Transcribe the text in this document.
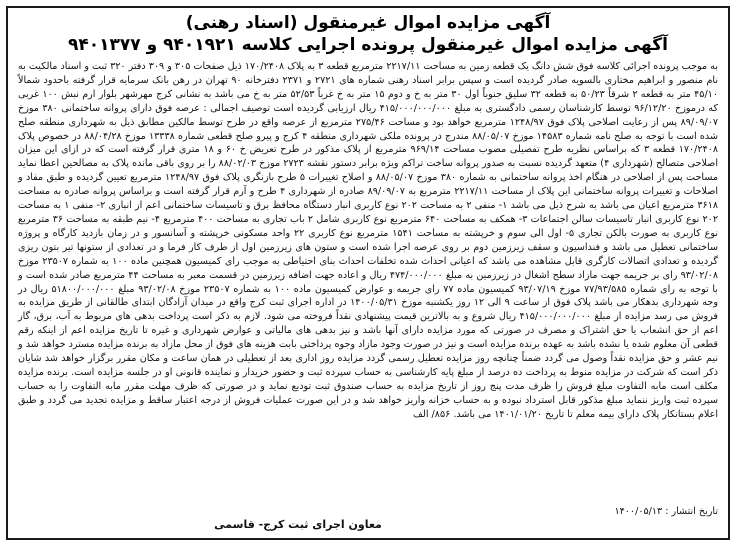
آگهی مزایده اموال غیرمنقول (اسناد رهنی)
آگهی مزایده اموال غیرمنقول پرونده اجرایی کلاسه ۹۴۰۱۹۲۱ و ۹۴۰۱۳۷۷

به موجب پرونده اجرائی کلاسه فوق شش دانگ یک قطعه زمین به مساحت ۲۲۱۷/۱۱ مترمربع قطعه ۳ به پلاک ۱۷۰/۲۴۰۸ ذیل صفحات ۳۰۵ و ۳۰۹ دفتر ۳۲۰ ثبت و اسناد مالکیت به نام منصور و ابراهیم مختاری بالسویه صادر گردیده است و سپس برابر اسناد رهنی شماره های ۲۷۲۱ و ۲۳۷۱ دفترخانه ۹۰ تهران در رهن بانک سرمایه قرار گرفته باحدود شمالاً ۴۵/۱۰ متر به قطعه ۲ شرقاً ۵۰/۲۳ به قطعه ۳۲ سلیق جنوباً اول ۳۰ متر به خ و دوم ۱۵ متر به خ غرباً ۵۲/۵۳ متر به خ می باشد به نشانی کرج مهرشهر بلوار ارم نبش ۱۰۰ غربی که درموزخ ۹۶/۱۲/۲۰ توسط کارشناسان رسمی دادگستری به مبلغ ۴۱۵/۰۰۰/۰۰۰/۰۰۰ ریال ارزیابی گردیده است توصیف اجمالی : عرصه فوق دارای پروانه ساختمانی ۳۸۰ موزخ ۸۹/۰۹/۰۷ پس از رعایت اصلاحی پلاک فوق ۱۲۴۸/۹۷ مترمربع خواهد بود و مساحت ۲۷۵/۴۶ مترمربع از عرصه واقع در طرح توسط مالکین مطابق ذیل به شهرداری منطقه صلح شده است با توجه به صلح نامه شماره ۱۴۵۸۳ موزخ ۸۸/۰۵/۰۷ مندرج در پرونده ملکی شهرداری منطقه ۴ کرج و پیرو صلح قطعی شماره ۱۳۳۳۸ موزخ ۸۸/۰۴/۲۸ در خصوص پلاک ۱۷۰/۲۴۰۸ قطعه ۳ که براساس نظریه طرح تفصیلی مصوب مساحت ۹۶۹/۱۴ مترمربع از پلاک مذکور در طرح تعریض خ ۶۰ و ۱۸ متری قرار گرفته است که در ازای این میزان اصلاحی متصالح (شهرداری ۴) متعهد گردیده نسبت به صدور پروانه ساخت تراکم ویژه برابر دستور نقشه ۲۷۲۳ موزخ ۸۸/۰۲/۰۳ را بر روی باقی مانده پلاک به مصالحین اعطا نماید مساحت پس از اصلاحی در هنگام اخذ پروانه ساختمانی به شماره ۳۸۰ موزخ ۸۸/۰۵/۰۷ و اصلاح تغییرات ۵ طرح بازنگری پلاک فوق ۱۲۴۸/۹۷ مترمربع تعیین گردیده و طبق مفاد و اصلاحات و تغییرات پروانه ساختمانی این پلاک از مساحت ۲۲۱۷/۱۱ مترمربع به ۸۹/۰۹/۰۷ صادره از شهرداری ۴ طرح و آرم قرار گرفته است و براساس پروانه صادره به مساحت ۳۶۱۸ مترمربع اعیان می باشد به شرح ذیل می باشد ۱- منفی ۲ به مساحت ۲۰۲ نوع کاربری انبار دستگاه محافظ برق و تاسیسات ساختمانی اعم از انباری ۲- منفی ۱ به مساحت ۲۰۲ نوع کاربری انبار تاسیسات سالن اجتماعات ۳- همکف به مساحت ۶۴۰ مترمربع نوع کاربری شامل ۲ باب تجاری به مساحت ۴۰۰ مترمربع ۴- نیم طبقه به مساحت ۳۶ مترمربع نوع کاربری به صورت بالکن تجاری ۵- اول الی سوم و خرپشته به مساحت ۱۵۴۱ مترمربع نوع کاربری ۲۲ واحد مسکونی خرپشته و آسانسور و در زمان بازدید کارگاه و پروژه ساختمانی تعطیل می باشد و فنداسیون و سقف زیرزمین دوم بر روی عرصه اجرا شده است و ستون های زیرزمین اول از طرف کار فرما و در تعدادی از ستونها تیر بتون ریزی گردیده و تعدادی اتصالات کارگری قابل مشاهده می باشد که اعیانی احداث شده تخلفات احداث بنای احتیاطی به موجب رای کمیسیون همچنین ماده ۱۰۰ به شماره ۲۳۵۰۷ موزخ ۹۳/۰۲/۰۸ رای بر جریمه جهت مازاد سطح اشغال در زیرزمین به مبلغ ۴۷۴/۰۰۰/۰۰۰ ریال و اعاده جهت اضافه زیرزمین در قسمت معبر به مساحت ۴۴ مترمربع صادر شده است و با توجه به رای شماره ۷۷/۹۳/۵۸۵ موزخ ۹۳/۰۷/۱۹ کمیسیون ماده ۷۷ رای جریمه و عوارض کمیسیون ماده ۱۰۰ به شماره ۲۳۵۰۷ موزخ ۹۳/۰۲/۰۸ مبلغ ۵۱۸۰۰/۰۰۰/۰۰۰ ریال در وجه شهرداری بدهکار می باشد پلاک فوق از ساعت ۹ الی ۱۲ روز یکشنبه موزخ ۱۴۰۰/۰۵/۳۱ در اداره اجرای ثبت کرج واقع در میدان آزادگان ابتدای طالقانی از طریق مزایده به فروش می رسد مزایده از مبلغ ۴۱۵/۰۰۰/۰۰۰/۰۰۰ ریال شروع و به بالاترین قیمت پیشنهادی نقداً فروخته می شود. لازم به ذکر است پرداخت بدهی های مربوط به آب، برق، گاز اعم از حق انشعاب یا حق اشتراک و مصرف در صورتی که مورد مزایده دارای آنها باشد و نیز بدهی های مالیاتی و عوارض شهرداری و غیره تا تاریخ مزایده اعم از اینکه رقم قطعی آن معلوم شده یا نشده باشد به عهده برنده مزایده است و نیز در صورت وجود مازاد وجوه پرداختی بابت هزینه های فوق از محل مازاد به برنده مزایده مسترد خواهد شد و نیم عشر و حق مزایده نقداً وصول می گردد ضمناً چنانچه روز مزایده تعطیل رسمی گردد مزایده روز اداری بعد از تعطیلی در همان ساعت و مکان مقرر برگزار خواهد شد شایان ذکر است که شرکت در مزایده منوط به پرداخت ده درصد از مبلغ پایه کارشناسی به حساب سپرده ثبت و حضور خریدار و نماینده قانونی او در جلسه مزایده است. برنده مزایده مکلف است مابه التفاوت مبلغ فروش را ظرف مدت پنج روز از تاریخ مزایده به حساب صندوق ثبت تودیع نماید و در صورتی که ظرف مهلت مقرر مابه التفاوت را به حساب سپرده ثبت واریز ننماید مبلغ مذکور قابل استرداد نبوده و به حساب خزانه واریز خواهد شد و در این صورت عملیات فروش از درجه اعتبار ساقط و مزایده تجدید می گردد و طبق اعلام بستانکار پلاک دارای بیمه معلم تا تاریخ ۱۴۰۱/۰۱/۲۰ می باشد. ۸۵۶/ الف

تاریخ انتشار : ۱۴۰۰/۰۵/۱۳
معاون اجرای ثبت کرج- قاسمی
